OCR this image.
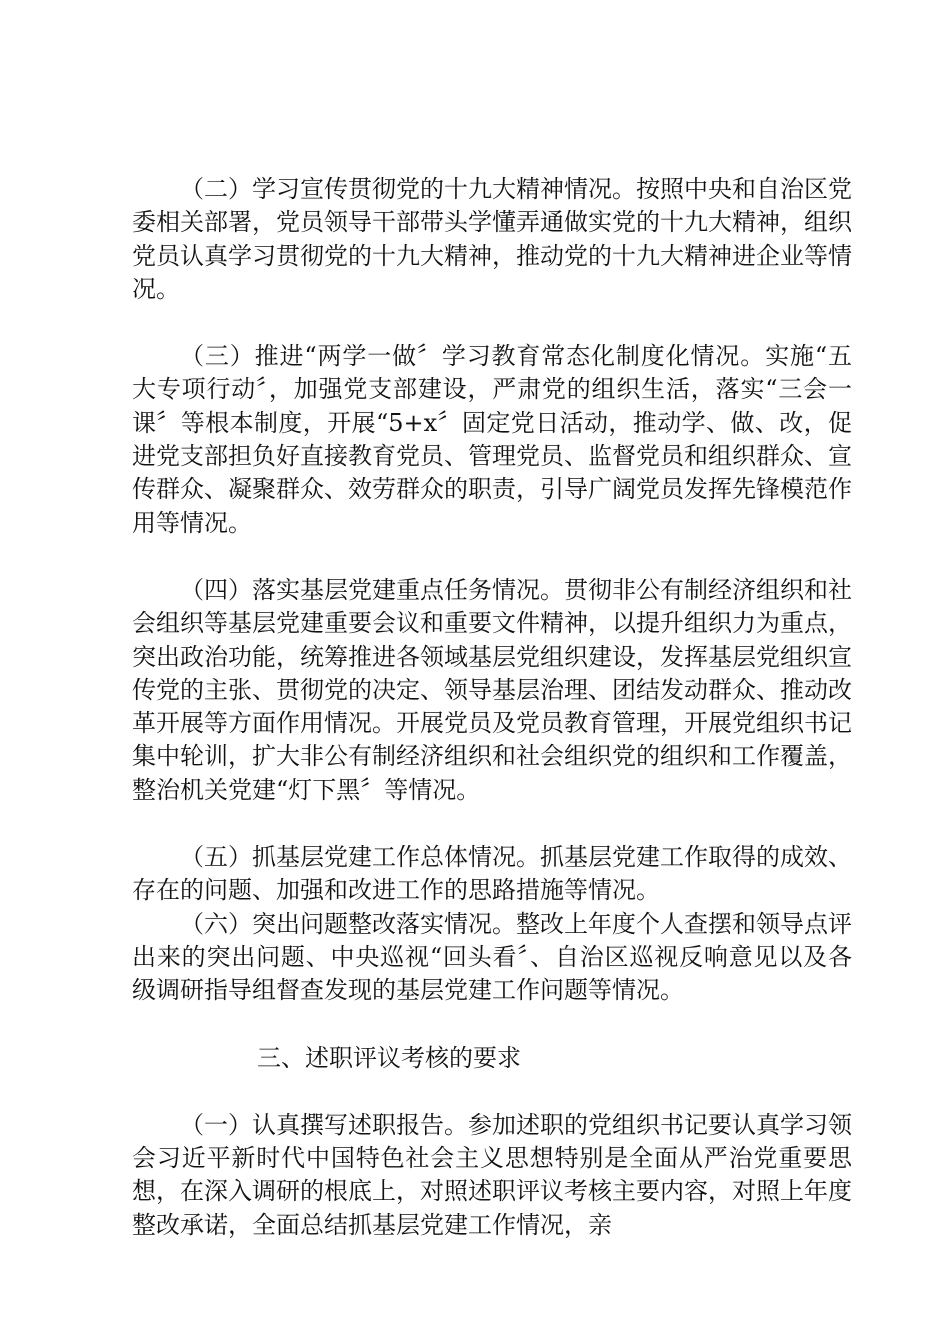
（二）学习宣传贯彻党的十九大精神情况。按照中央和自治区党委相关部署，党员领导干部带头学懂弄通做实党的十九大精神，组织党员认真学习贯彻党的十九大精神，推动党的十九大精神进企业等情况。

（三）推进“两学一做〞学习教育常态化制度化情况。实施“五大专项行动〞，加强党支部建设，严肃党的组织生活，落实“三会一课〞等根本制度，开展“5+x〞固定党日活动，推动学、做、改，促进党支部担负好直接教育党员、管理党员、监督党员和组织群众、宣传群众、凝聚群众、效劳群众的职责，引导广阔党员发挥先锋模范作用等情况。

（四）落实基层党建重点任务情况。贯彻非公有制经济组织和社会组织等基层党建重要会议和重要文件精神，以提升组织力为重点，突出政治功能，统筹推进各领域基层党组织建设，发挥基层党组织宣传党的主张、贯彻党的决定、领导基层治理、团结发动群众、推动改革开展等方面作用情况。开展党员及党员教育管理，开展党组织书记集中轮训，扩大非公有制经济组织和社会组织党的组织和工作覆盖，整治机关党建“灯下黑〞等情况。

（五）抓基层党建工作总体情况。抓基层党建工作取得的成效、存在的问题、加强和改进工作的思路措施等情况。

（六）突出问题整改落实情况。整改上年度个人查摆和领导点评出来的突出问题、中央巡视“回头看〞、自治区巡视反响意见以及各级调研指导组督查发现的基层党建工作问题等情况。

三、述职评议考核的要求

（一）认真撰写述职报告。参加述职的党组织书记要认真学习领会习近平新时代中国特色社会主义思想特别是全面从严治党重要思想，在深入调研的根底上，对照述职评议考核主要内容，对照上年度整改承诺，全面总结抓基层党建工作情况，亲
